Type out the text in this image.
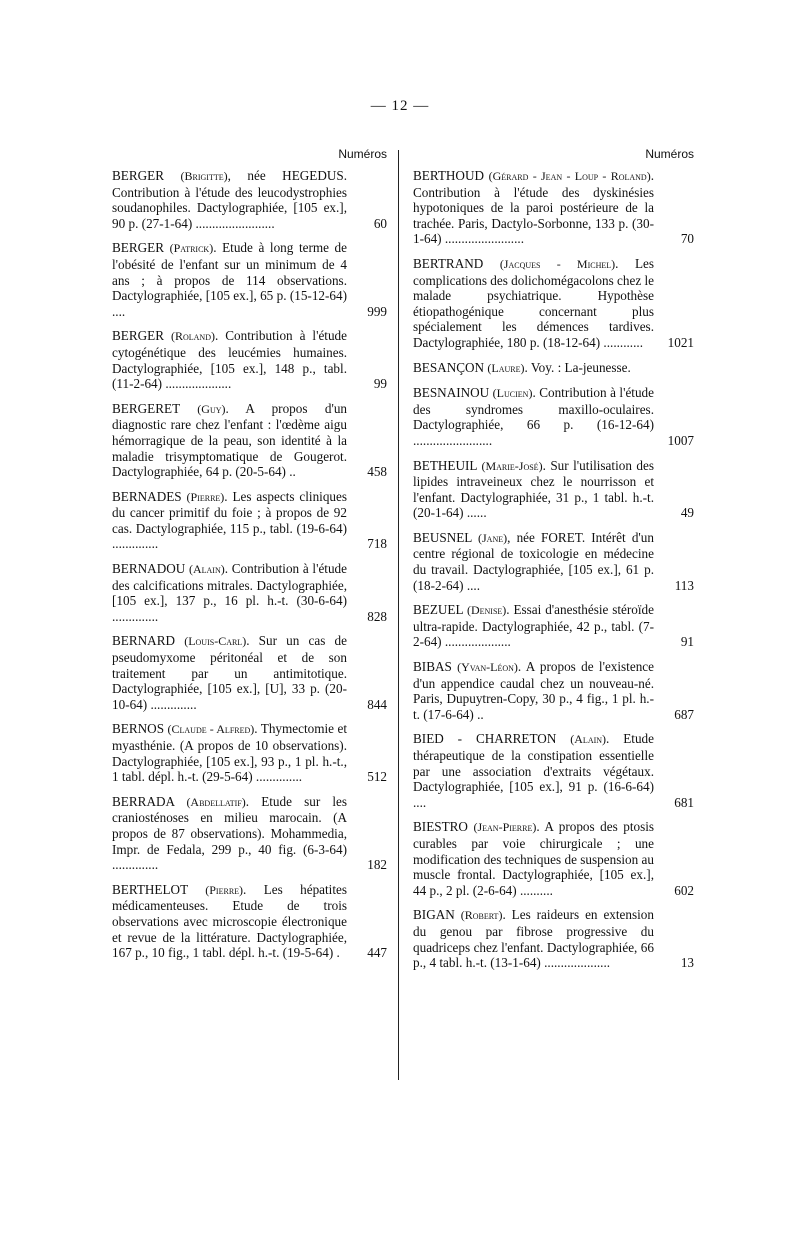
— 12 —
Numéros
BERGER (Brigitte), née HEGEDUS. Contribution à l'étude des leucodystrophies soudanophiles. Dactylographiée, [105 ex.], 90 p. (27-1-64) ........................	60
BERGER (Patrick). Etude à long terme de l'obésité de l'enfant sur un minimum de 4 ans ; à propos de 114 observations. Dactylographiée, [105 ex.], 65 p. (15-12-64) ....	999
BERGER (Roland). Contribution à l'étude cytogénétique des leucémies humaines. Dactylographiée, [105 ex.], 148 p., tabl. (11-2-64) ....................	99
BERGERET (Guy). A propos d'un diagnostic rare chez l'enfant : l'œdème aigu hémorragique de la peau, son identité à la maladie trisymptomatique de Gougerot. Dactylographiée, 64 p. (20-5-64) ..	458
BERNADES (Pierre). Les aspects cliniques du cancer primitif du foie ; à propos de 92 cas. Dactylographiée, 115 p., tabl. (19-6-64) ..............	718
BERNADOU (Alain). Contribution à l'étude des calcifications mitrales. Dactylographiée, [105 ex.], 137 p., 16 pl. h.-t. (30-6-64) ..............	828
BERNARD (Louis-Carl). Sur un cas de pseudomyxome péritonéal et de son traitement par un antimitotique. Dactylographiée, [105 ex.], [U], 33 p. (20-10-64) ..............	844
BERNOS (Claude - Alfred). Thymectomie et myasthénie. (A propos de 10 observations). Dactylographiée, [105 ex.], 93 p., 1 pl. h.-t., 1 tabl. dépl. h.-t. (29-5-64) ..............	512
BERRADA (Abdellatif). Etude sur les craniosténoses en milieu marocain. (A propos de 87 observations). Mohammedia, Impr. de Fedala, 299 p., 40 fig. (6-3-64) ..............	182
BERTHELOT (Pierre). Les hépatites médicamenteuses. Etude de trois observations avec microscopie électronique et revue de la littérature. Dactylographiée, 167 p., 10 fig., 1 tabl. dépl. h.-t. (19-5-64) .	447
Numéros
BERTHOUD (Gérard - Jean - Loup - Roland). Contribution à l'étude des dyskinésies hypotoniques de la paroi postérieure de la trachée. Paris, Dactylo-Sorbonne, 133 p. (30-1-64) ........................	70
BERTRAND (Jacques - Michel). Les complications des dolichomégacolons chez le malade psychiatrique. Hypothèse étiopathogénique concernant plus spécialement les démences tardives. Dactylographiée, 180 p. (18-12-64) ............	1021
BESANÇON (Laure). Voy. : La-jeunesse.
BESNAINOU (Lucien). Contribution à l'étude des syndromes maxillo-oculaires. Dactylographiée, 66 p. (16-12-64) ........................	1007
BETHEUIL (Marie-José). Sur l'utilisation des lipides intraveineux chez le nourrisson et l'enfant. Dactylographiée, 31 p., 1 tabl. h.-t. (20-1-64) ......	49
BEUSNEL (Jane), née FORET. Intérêt d'un centre régional de toxicologie en médecine du travail. Dactylographiée, [105 ex.], 61 p. (18-2-64) ....	113
BEZUEL (Denise). Essai d'anesthésie stéroïde ultra-rapide. Dactylographiée, 42 p., tabl. (7-2-64) ....................	91
BIBAS (Yvan-Léon). A propos de l'existence d'un appendice caudal chez un nouveau-né. Paris, Dupuytren-Copy, 30 p., 4 fig., 1 pl. h.-t. (17-6-64) ..	687
BIED - CHARRETON (Alain). Etude thérapeutique de la constipation essentielle par une association d'extraits végétaux. Dactylographiée, [105 ex.], 91 p. (16-6-64) ....	681
BIESTRO (Jean-Pierre). A propos des ptosis curables par voie chirurgicale ; une modification des techniques de suspension au muscle frontal. Dactylographiée, [105 ex.], 44 p., 2 pl. (2-6-64) ..........	602
BIGAN (Robert). Les raideurs en extension du genou par fibrose progressive du quadriceps chez l'enfant. Dactylographiée, 66 p., 4 tabl. h.-t. (13-1-64) ....................	13
